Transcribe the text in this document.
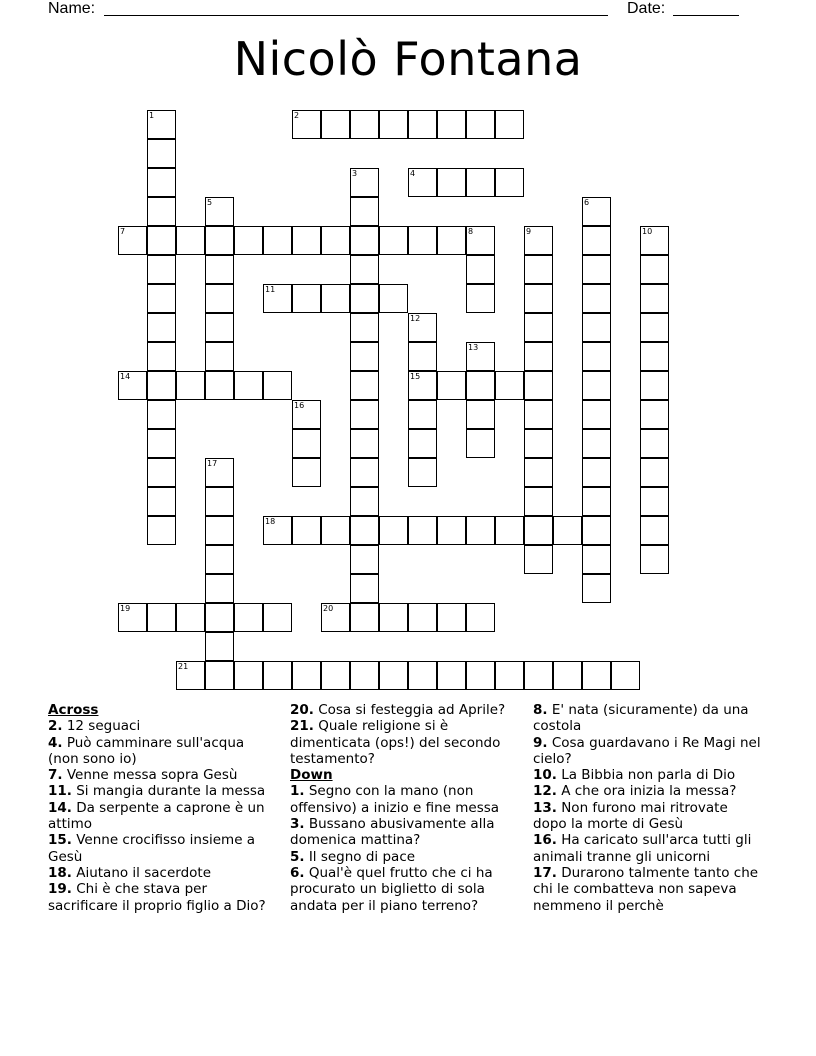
Name:	Date:
Nicolò Fontana
1	2
3	4
5	6
7	8	9	10
11
12
15
13
14
16
17
18
19	20
21
Across
2. 12 seguaci
4. Può camminare sull'acqua (non sono io)
7. Venne messa sopra Gesù
11. Si mangia durante la messa
14. Da serpente a caprone è un attimo
15. Venne crocifisso insieme a Gesù
18. Aiutano il sacerdote
19. Chi è che stava per sacrificare il proprio figlio a Dio?
20. Cosa si festeggia ad Aprile?
21. Quale religione si è dimenticata (ops!) del secondo testamento?
Down
1. Segno con la mano (non offensivo) a inizio e fine messa
3. Bussano abusivamente alla domenica mattina?
5. Il segno di pace
6. Qual'è quel frutto che ci ha procurato un biglietto di sola andata per il piano terreno?
8. E' nata (sicuramente) da una costola
9. Cosa guardavano i Re Magi nel cielo?
10. La Bibbia non parla di Dio
12. A che ora inizia la messa?
13. Non furono mai ritrovate dopo la morte di Gesù
16. Ha caricato sull'arca tutti gli animali tranne gli unicorni
17. Durarono talmente tanto che chi le combatteva non sapeva nemmeno il perchè
